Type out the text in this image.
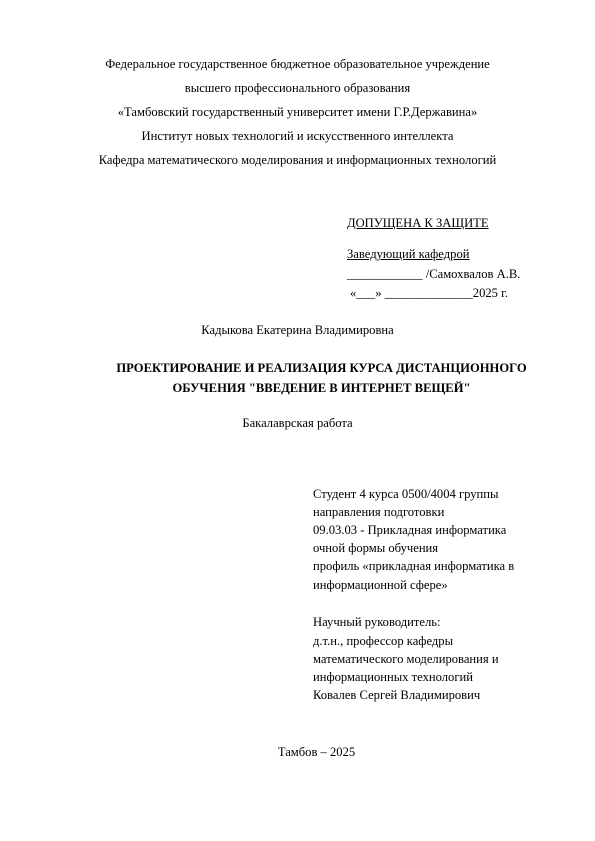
Федеральное государственное бюджетное образовательное учреждение
высшего профессионального образования
«Тамбовский государственный университет имени Г.Р.Державина»
Институт новых технологий и искусственного интеллекта
Кафедра математического моделирования и информационных технологий
ДОПУЩЕНА К ЗАЩИТЕ
Заведующий кафедрой
____________ /Самохвалов А.В.
«___» ______________2025 г.
Кадыкова Екатерина Владимировна
ПРОЕКТИРОВАНИЕ И РЕАЛИЗАЦИЯ КУРСА ДИСТАНЦИОННОГО
ОБУЧЕНИЯ "ВВЕДЕНИЕ В ИНТЕРНЕТ ВЕЩЕЙ"
Бакалаврская работа
Студент 4 курса 0500/4004 группы
направления подготовки
09.03.03 - Прикладная информатика
очной формы обучения
профиль «прикладная информатика в
информационной сфере»
Научный руководитель:
д.т.н., профессор кафедры
математического моделирования и
информационных технологий
Ковалев Сергей Владимирович
Тамбов – 2025
